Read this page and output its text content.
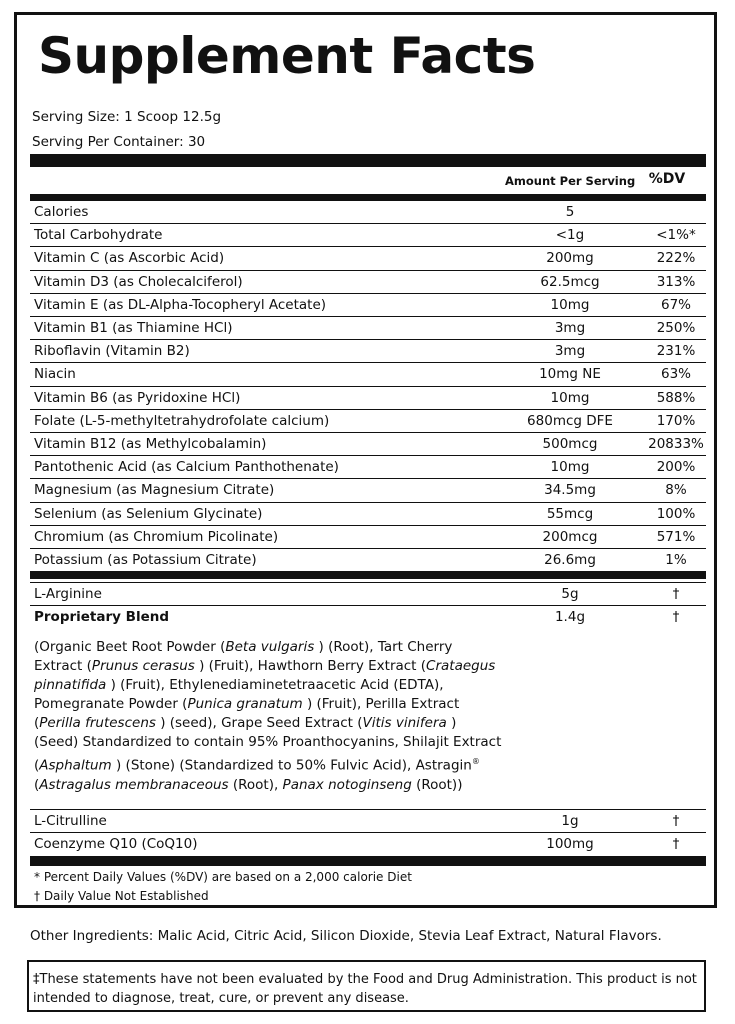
Supplement Facts
Serving Size: 1 Scoop 12.5g
Serving Per Container: 30
Amount Per Serving %DV
Calories	5
Total Carbohydrate	<1g	<1%*
Vitamin C (as Ascorbic Acid)	200mg	222%
Vitamin D3 (as Cholecalciferol)	62.5mcg	313%
Vitamin E (as DL-Alpha-Tocopheryl Acetate)	10mg	67%
Vitamin B1 (as Thiamine HCl)	3mg	250%
Riboflavin (Vitamin B2)	3mg	231%
Niacin	10mg NE	63%
Vitamin B6 (as Pyridoxine HCl)	10mg	588%
Folate (L-5-methyltetrahydrofolate calcium)	680mcg DFE	170%
Vitamin B12 (as Methylcobalamin)	500mcg	20833%
Pantothenic Acid (as Calcium Panthothenate)	10mg	200%
Magnesium (as Magnesium Citrate)	34.5mg	8%
Selenium (as Selenium Glycinate)	55mcg	100%
Chromium (as Chromium Picolinate)	200mcg	571%
Potassium (as Potassium Citrate)	26.6mg	1%
L-Arginine	5g	†
Proprietary Blend	1.4g	†
(Organic Beet Root Powder (Beta vulgaris ) (Root), Tart Cherry Extract (Prunus cerasus ) (Fruit), Hawthorn Berry Extract (Crataegus pinnatifida ) (Fruit), Ethylenediaminetetraacetic Acid (EDTA), Pomegranate Powder (Punica granatum ) (Fruit), Perilla Extract (Perilla frutescens ) (seed), Grape Seed Extract (Vitis vinifera ) (Seed) Standardized to contain 95% Proanthocyanins, Shilajit Extract (Asphaltum ) (Stone) (Standardized to 50% Fulvic Acid), Astragin® (Astragalus membranaceous (Root), Panax notoginseng (Root))
L-Citrulline	1g	†
Coenzyme Q10 (CoQ10)	100mg	†
* Percent Daily Values (%DV) are based on a 2,000 calorie Diet
† Daily Value Not Established
Other Ingredients: Malic Acid, Citric Acid, Silicon Dioxide, Stevia Leaf Extract, Natural Flavors.
‡These statements have not been evaluated by the Food and Drug Administration. This product is not intended to diagnose, treat, cure, or prevent any disease.
